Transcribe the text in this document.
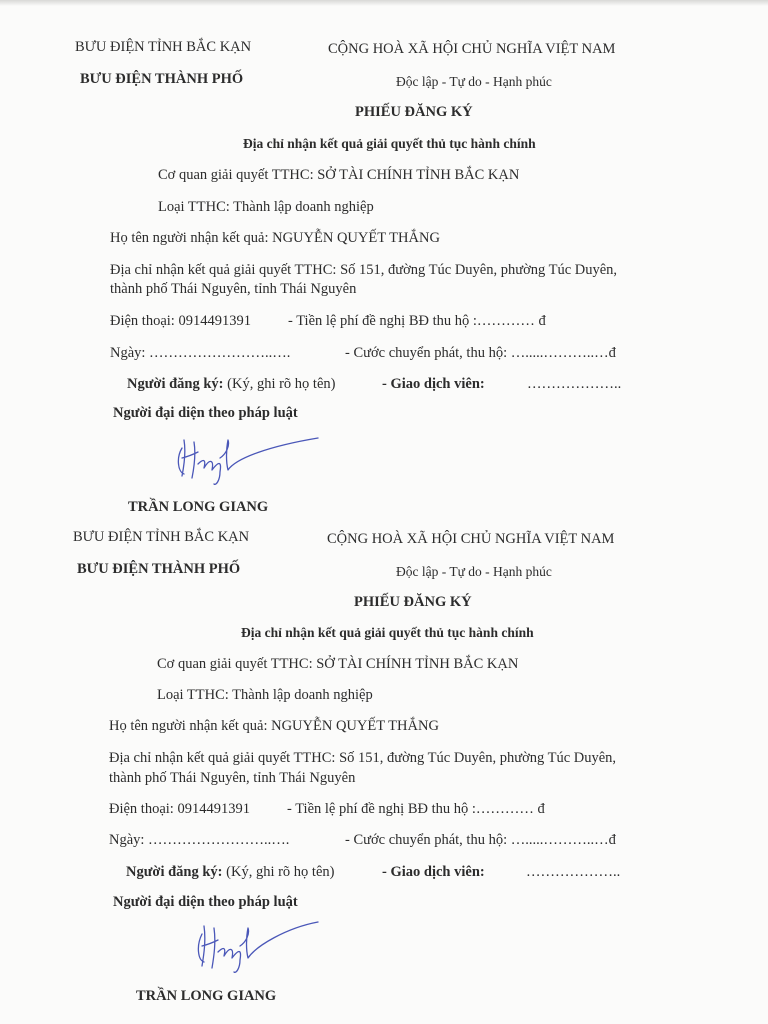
BƯU ĐIỆN TỈNH BẮC KẠN
BƯU ĐIỆN THÀNH PHỐ
CỘNG HOÀ XÃ HỘI CHỦ NGHĨA VIỆT NAM
Độc lập - Tự do - Hạnh phúc
PHIẾU ĐĂNG KÝ
Địa chỉ nhận kết quả giải quyết thủ tục hành chính
Cơ quan giải quyết TTHC: SỞ TÀI CHÍNH TỈNH BẮC KẠN
Loại TTHC: Thành lập doanh nghiệp
Họ tên người nhận kết quả: NGUYỄN QUYẾT THẮNG
Địa chỉ nhận kết quả giải quyết TTHC: Số 151, đường Túc Duyên, phường Túc Duyên,
thành phố Thái Nguyên, tỉnh Thái Nguyên
Điện thoại: 0914491391	- Tiền lệ phí đề nghị BĐ thu hộ :………… đ
Ngày: ……………………..….	- Cước chuyển phát, thu hộ: ….....………..…đ
Người đăng ký: (Ký, ghi rõ họ tên)	- Giao dịch viên:	………………..
Người đại diện theo pháp luật
TRẦN LONG GIANG
BƯU ĐIỆN TỈNH BẮC KẠN
BƯU ĐIỆN THÀNH PHỐ
CỘNG HOÀ XÃ HỘI CHỦ NGHĨA VIỆT NAM
Độc lập - Tự do - Hạnh phúc
PHIẾU ĐĂNG KÝ
Địa chỉ nhận kết quả giải quyết thủ tục hành chính
Cơ quan giải quyết TTHC: SỞ TÀI CHÍNH TỈNH BẮC KẠN
Loại TTHC: Thành lập doanh nghiệp
Họ tên người nhận kết quả: NGUYỄN QUYẾT THẮNG
Địa chỉ nhận kết quả giải quyết TTHC: Số 151, đường Túc Duyên, phường Túc Duyên,
thành phố Thái Nguyên, tỉnh Thái Nguyên
Điện thoại: 0914491391	- Tiền lệ phí đề nghị BĐ thu hộ :………… đ
Ngày: ……………………..….	- Cước chuyển phát, thu hộ: ….....………..…đ
Người đăng ký: (Ký, ghi rõ họ tên)	- Giao dịch viên:	………………..
Người đại diện theo pháp luật
TRẦN LONG GIANG
